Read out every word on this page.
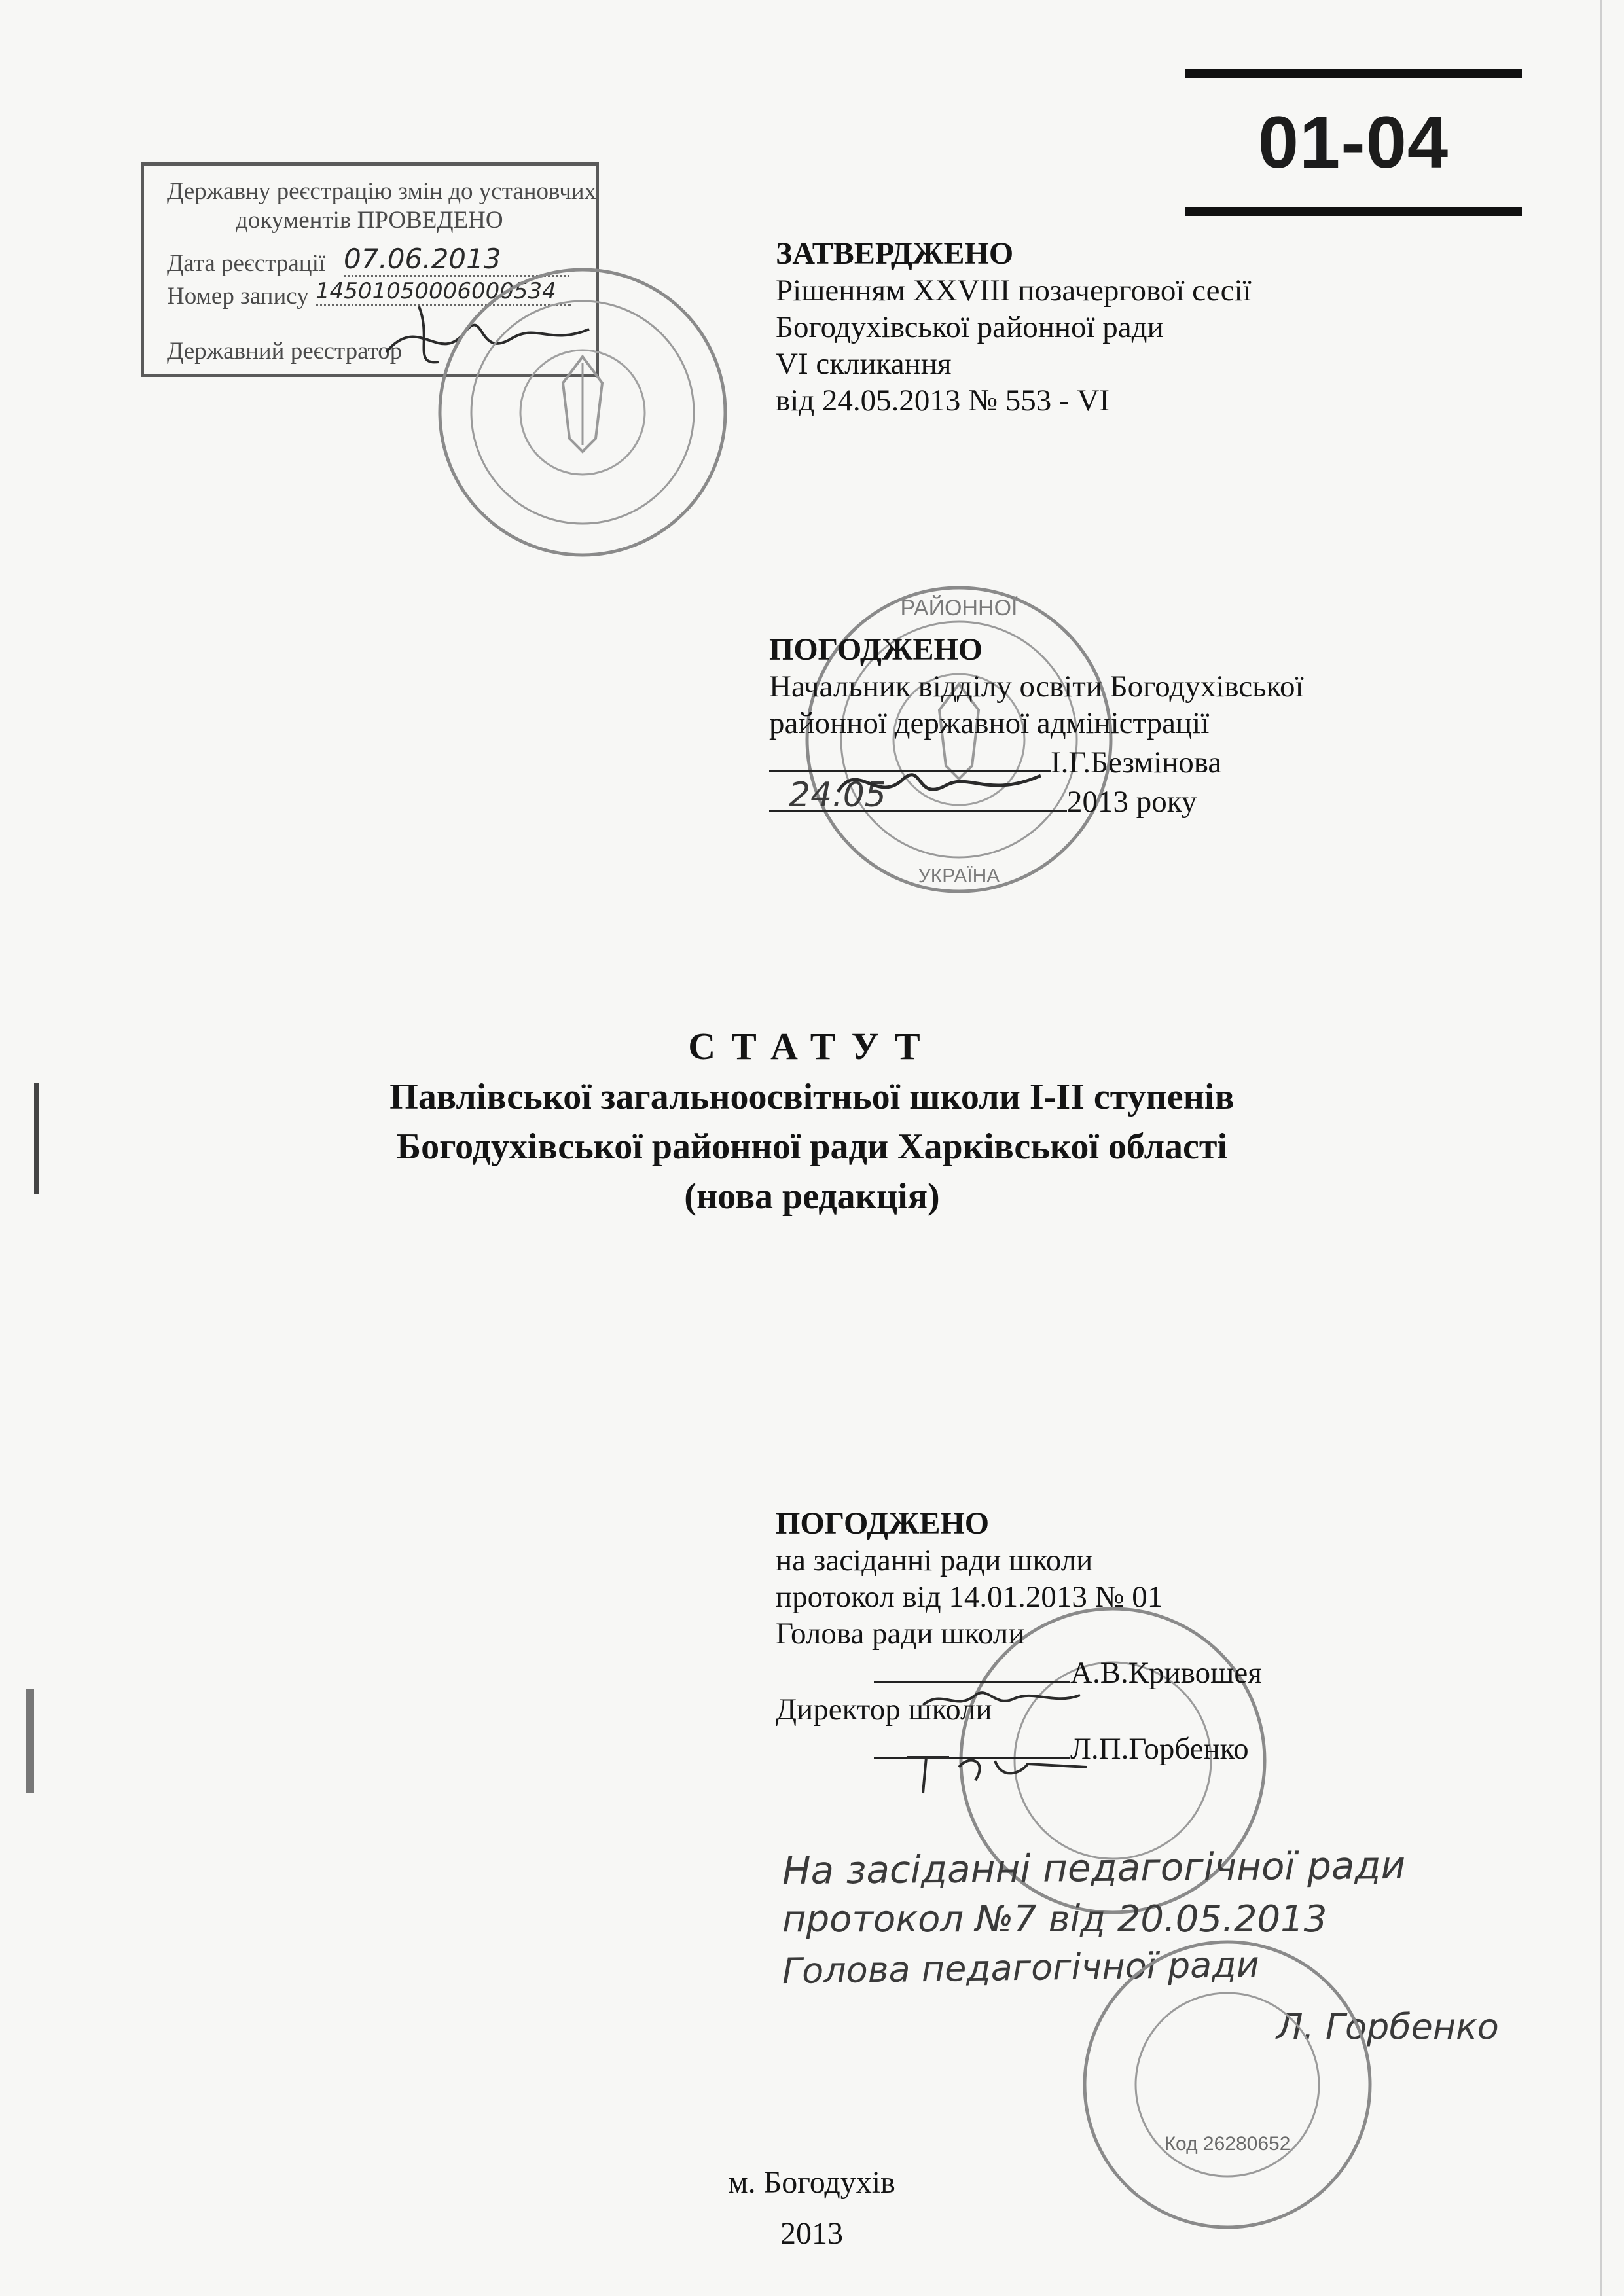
01-04
Державну реєстрацію змін до установчих
документів ПРОВЕДЕНО
Дата реєстрації 07.06.2013
Номер запису 14501050006000534
Державний реєстратор
ЗАТВЕРДЖЕНО
Рішенням XXVIII позачергової сесії
Богодухівської районної ради
VI скликання
від 24.05.2013 № 553 - VI
РАЙОННОЇ
УКРАЇНА
ПОГОДЖЕНО
Начальник відділу освіти Богодухівської
районної державної адміністрації
І.Г.Безмінова
24.05	2013 року
СТАТУТ
Павлівської загальноосвітньої школи І-ІІ ступенів
Богодухівської районної ради Харківської області
(нова редакція)
ПОГОДЖЕНО
на засіданні ради школи
протокол від 14.01.2013 № 01
Голова ради школи
А.В.Кривошея
Директор школи
Л.П.Горбенко
На засіданні педагогічної ради
протокол №7 від 20.05.2013
Голова педагогічної ради
Л. Горбенко
Код 26280652
м. Богодухів
2013
